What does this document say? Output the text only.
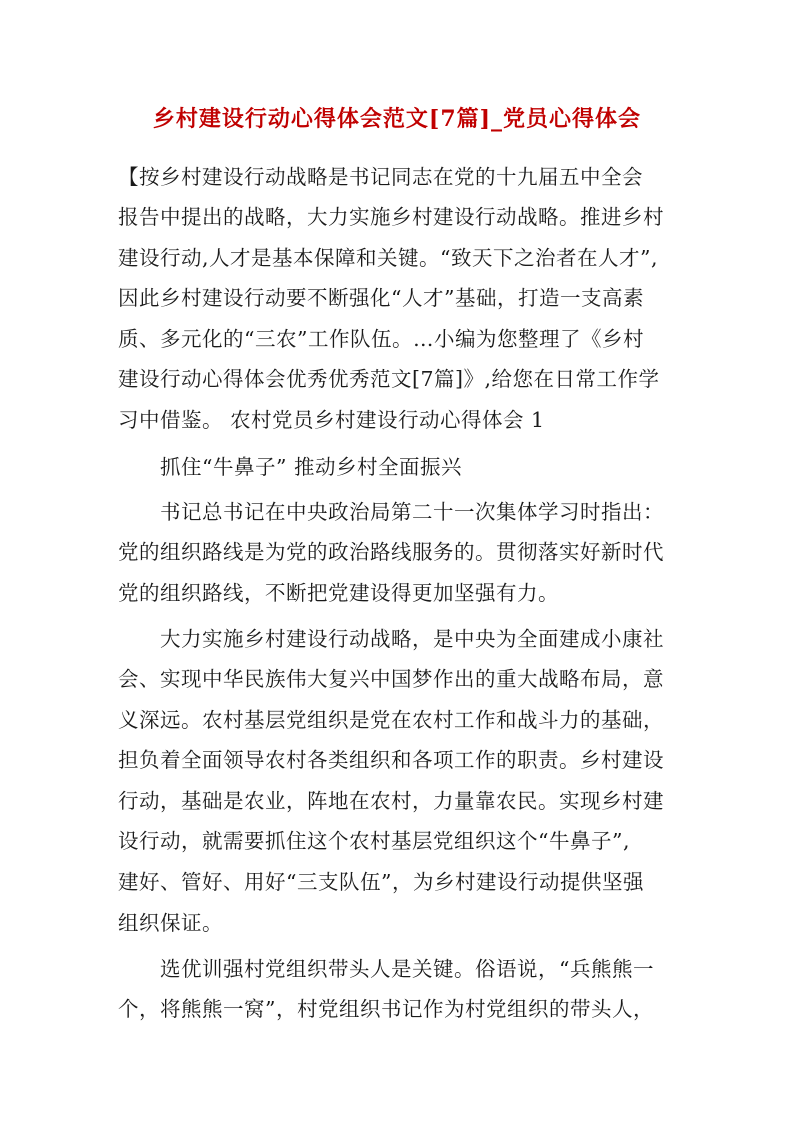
乡村建设行动心得体会范文[7篇]_党员心得体会
【按乡村建设行动战略是书记同志在党的十九届五中全会
报告中提出的战略，大力实施乡村建设行动战略。推进乡村
建设行动,人才是基本保障和关键。“致天下之治者在人才”,
因此乡村建设行动要不断强化“人才”基础，打造一支高素
质、多元化的“三农”工作队伍。…小编为您整理了《乡村
建设行动心得体会优秀优秀范文[7篇]》,给您在日常工作学
习中借鉴。 农村党员乡村建设行动心得体会 1
抓住“牛鼻子” 推动乡村全面振兴
书记总书记在中央政治局第二十一次集体学习时指出：
党的组织路线是为党的政治路线服务的。贯彻落实好新时代
党的组织路线，不断把党建设得更加坚强有力。
大力实施乡村建设行动战略，是中央为全面建成小康社
会、实现中华民族伟大复兴中国梦作出的重大战略布局，意
义深远。农村基层党组织是党在农村工作和战斗力的基础，
担负着全面领导农村各类组织和各项工作的职责。乡村建设
行动，基础是农业，阵地在农村，力量靠农民。实现乡村建
设行动，就需要抓住这个农村基层党组织这个“牛鼻子”,
建好、管好、用好“三支队伍”，为乡村建设行动提供坚强
组织保证。
选优训强村党组织带头人是关键。俗语说，“兵熊熊一
个，将熊熊一窝”，村党组织书记作为村党组织的带头人，
